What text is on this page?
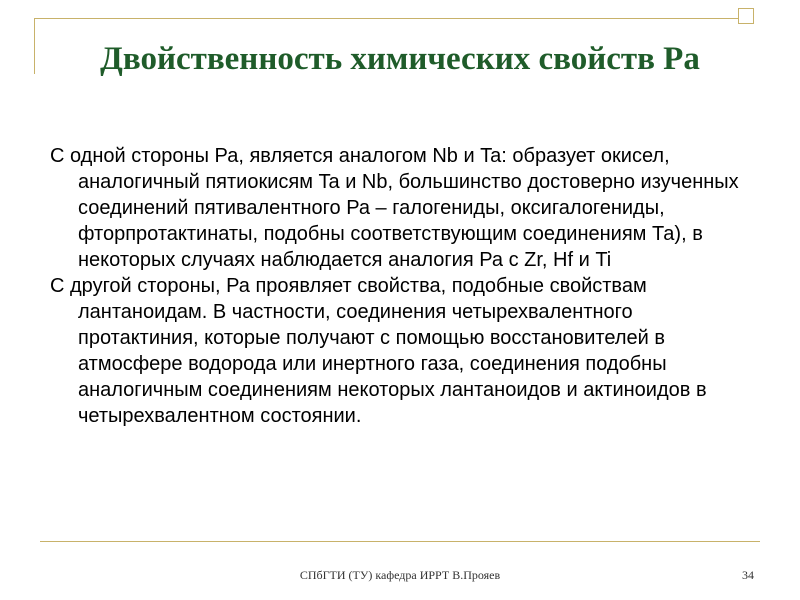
Двойственность химических свойств Ра

С одной стороны Ра, является аналогом Nb и Ta: образует окисел, аналогичный пятиокисям Ta и Nb, большинство достоверно изученных соединений пятивалентного Ра – галогениды, оксигалогениды, фторпротактинаты, подобны соответствующим соединениям Та), в некоторых случаях наблюдается аналогия Ра с Zr, Hf и Ti

С другой стороны, Ра проявляет свойства, подобные свойствам лантаноидам. В частности, соединения четырехвалентного протактиния, которые получают с помощью восстановителей в атмосфере водорода или инертного газа, соединения подобны аналогичным соединениям некоторых лантаноидов и актиноидов в четырехвалентном состоянии.

СПбГТИ (ТУ) кафедра ИРРТ В.Прояев	34
